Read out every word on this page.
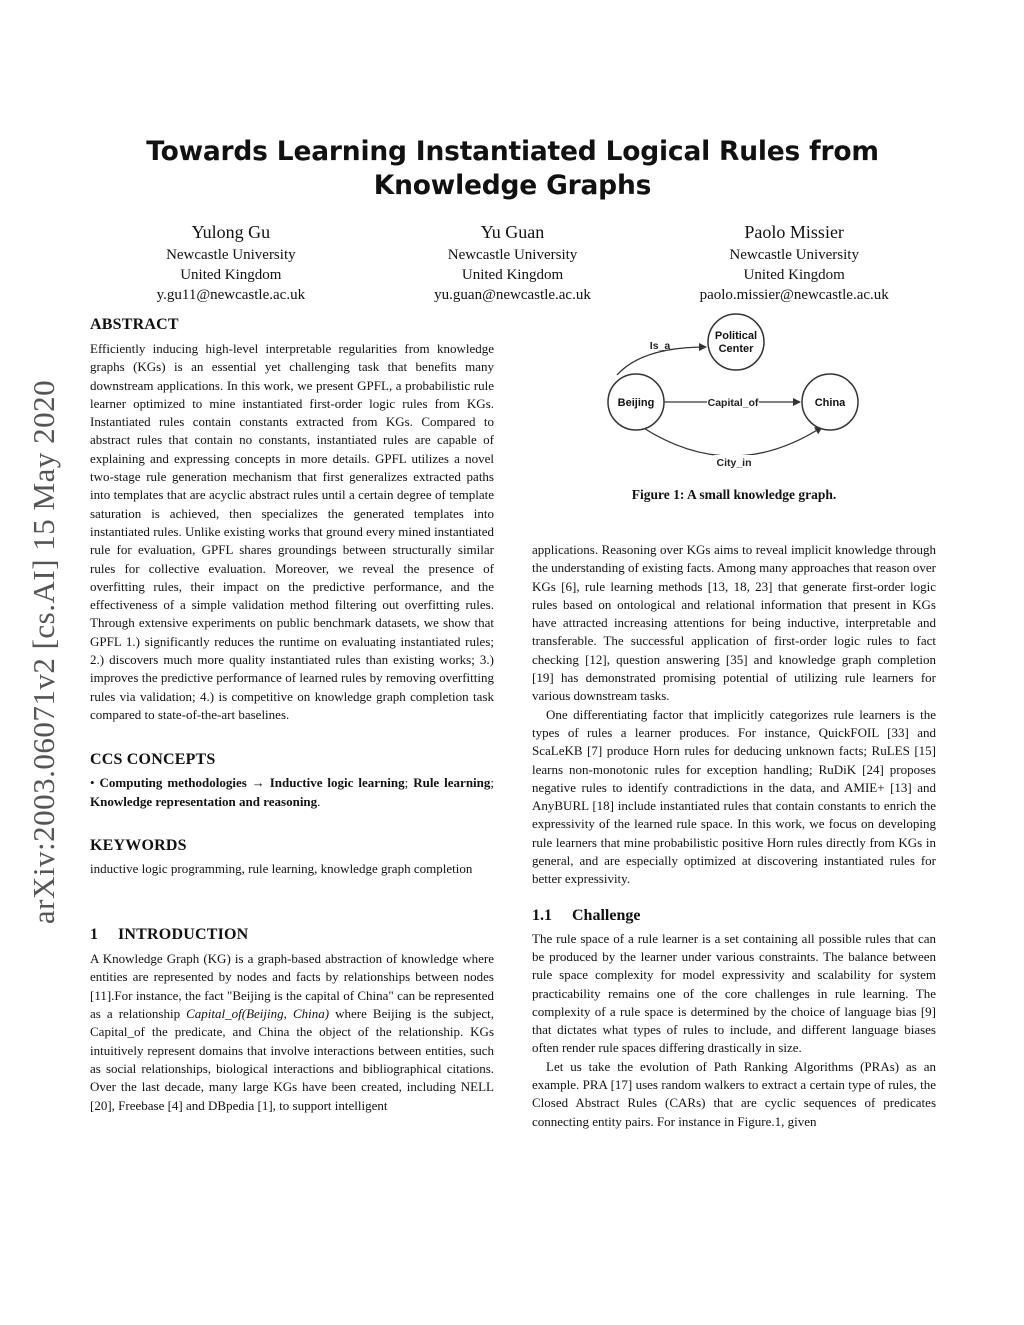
arXiv:2003.06071v2 [cs.AI] 15 May 2020
Towards Learning Instantiated Logical Rules from Knowledge Graphs
Yulong Gu
Newcastle University
United Kingdom
y.gu11@newcastle.ac.uk
Yu Guan
Newcastle University
United Kingdom
yu.guan@newcastle.ac.uk
Paolo Missier
Newcastle University
United Kingdom
paolo.missier@newcastle.ac.uk
ABSTRACT

Efficiently inducing high-level interpretable regularities from knowledge graphs (KGs) is an essential yet challenging task that benefits many downstream applications. In this work, we present GPFL, a probabilistic rule learner optimized to mine instantiated first-order logic rules from KGs. Instantiated rules contain constants extracted from KGs. Compared to abstract rules that contain no constants, instantiated rules are capable of explaining and expressing concepts in more details. GPFL utilizes a novel two-stage rule generation mechanism that first generalizes extracted paths into templates that are acyclic abstract rules until a certain degree of template saturation is achieved, then specializes the generated templates into instantiated rules. Unlike existing works that ground every mined instantiated rule for evaluation, GPFL shares groundings between structurally similar rules for collective evaluation. Moreover, we reveal the presence of overfitting rules, their impact on the predictive performance, and the effectiveness of a simple validation method filtering out overfitting rules. Through extensive experiments on public benchmark datasets, we show that GPFL 1.) significantly reduces the runtime on evaluating instantiated rules; 2.) discovers much more quality instantiated rules than existing works; 3.) improves the predictive performance of learned rules by removing overfitting rules via validation; 4.) is competitive on knowledge graph completion task compared to state-of-the-art baselines.

CCS CONCEPTS

• Computing methodologies → Inductive logic learning; Rule learning; Knowledge representation and reasoning.

KEYWORDS

inductive logic programming, rule learning, knowledge graph completion

1 INTRODUCTION

A Knowledge Graph (KG) is a graph-based abstraction of knowledge where entities are represented by nodes and facts by relationships between nodes [11].For instance, the fact "Beijing is the capital of China" can be represented as a relationship Capital_of(Beijing, China) where Beijing is the subject, Capital_of the predicate, and China the object of the relationship. KGs intuitively represent domains that involve interactions between entities, such as social relationships, biological interactions and bibliographical citations. Over the last decade, many large KGs have been created, including NELL [20], Freebase [4] and DBpedia [1], to support intelligent

Is_a
Capital_of
City_in
Political
Center
Beijing	China
Figure 1: A small knowledge graph.

applications. Reasoning over KGs aims to reveal implicit knowledge through the understanding of existing facts. Among many approaches that reason over KGs [6], rule learning methods [13, 18, 23] that generate first-order logic rules based on ontological and relational information that present in KGs have attracted increasing attentions for being inductive, interpretable and transferable. The successful application of first-order logic rules to fact checking [12], question answering [35] and knowledge graph completion [19] has demonstrated promising potential of utilizing rule learners for various downstream tasks.

One differentiating factor that implicitly categorizes rule learners is the types of rules a learner produces. For instance, QuickFOIL [33] and ScaLeKB [7] produce Horn rules for deducing unknown facts; RuLES [15] learns non-monotonic rules for exception handling; RuDiK [24] proposes negative rules to identify contradictions in the data, and AMIE+ [13] and AnyBURL [18] include instantiated rules that contain constants to enrich the expressivity of the learned rule space. In this work, we focus on developing rule learners that mine probabilistic positive Horn rules directly from KGs in general, and are especially optimized at discovering instantiated rules for better expressivity.

1.1 Challenge

The rule space of a rule learner is a set containing all possible rules that can be produced by the learner under various constraints. The balance between rule space complexity for model expressivity and scalability for system practicability remains one of the core challenges in rule learning. The complexity of a rule space is determined by the choice of language bias [9] that dictates what types of rules to include, and different language biases often render rule spaces differing drastically in size.

Let us take the evolution of Path Ranking Algorithms (PRAs) as an example. PRA [17] uses random walkers to extract a certain type of rules, the Closed Abstract Rules (CARs) that are cyclic sequences of predicates connecting entity pairs. For instance in Figure.1, given
